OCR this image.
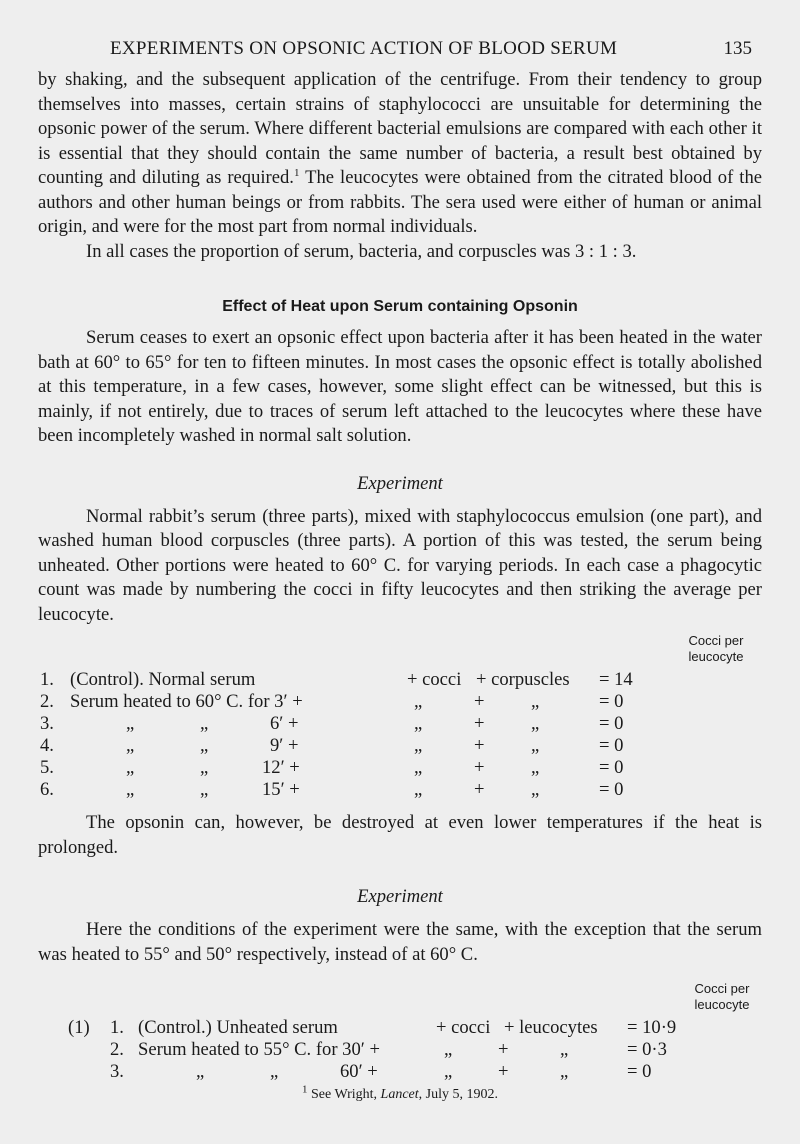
EXPERIMENTS ON OPSONIC ACTION OF BLOOD SERUM	135

by shaking, and the subsequent application of the centrifuge. From their tendency to group themselves into masses, certain strains of staphylococci are unsuitable for determining the opsonic power of the serum. Where different bacterial emulsions are compared with each other it is essential that they should contain the same number of bacteria, a result best obtained by counting and diluting as required.$^1$ The leucocytes were obtained from the citrated blood of the authors and other human beings or from rabbits. The sera used were either of human or animal origin, and were for the most part from normal individuals.

In all cases the proportion of serum, bacteria, and corpuscles was 3 : 1 : 3.

Effect of Heat upon Serum containing Opsonin

Serum ceases to exert an opsonic effect upon bacteria after it has been heated in the water bath at 60° to 65° for ten to fifteen minutes. In most cases the opsonic effect is totally abolished at this temperature, in a few cases, however, some slight effect can be witnessed, but this is mainly, if not entirely, due to traces of serum left attached to the leucocytes where these have been incompletely washed in normal salt solution.

Experiment

Normal rabbit’s serum (three parts), mixed with staphylococcus emulsion (one part), and washed human blood corpuscles (three parts). A portion of this was tested, the serum being unheated. Other portions were heated to 60° C. for varying periods. In each case a phagocytic count was made by numbering the cocci in fifty leucocytes and then striking the average per leucocyte.

Cocci per
leucocyte
1. (Control). Normal serum	+ cocci + corpuscles = 14
2. Serum heated to 60° C. for 3′ +	„	+	„	= 0
3.	„	„	6′ +	„	+	„	= 0
4.	„	„	9′ +	„	+	„	= 0
5.	„	„	12′ +	„	+	„	= 0
6.	„	„	15′ +	„	+	„	= 0

The opsonin can, however, be destroyed at even lower temperatures if the heat is prolonged.

Experiment

Here the conditions of the experiment were the same, with the exception that the serum was heated to 55° and 50° respectively, instead of at 60° C.

Cocci per
leucocyte
(1) 1. (Control.) Unheated serum	+ cocci + leucocytes = 10·9
2. Serum heated to 55° C. for 30′ +	„ +	„	= 0·3
3.	„	„	60′ +	„ +	„	= 0
$^1$ See Wright, Lancet, July 5, 1902.
